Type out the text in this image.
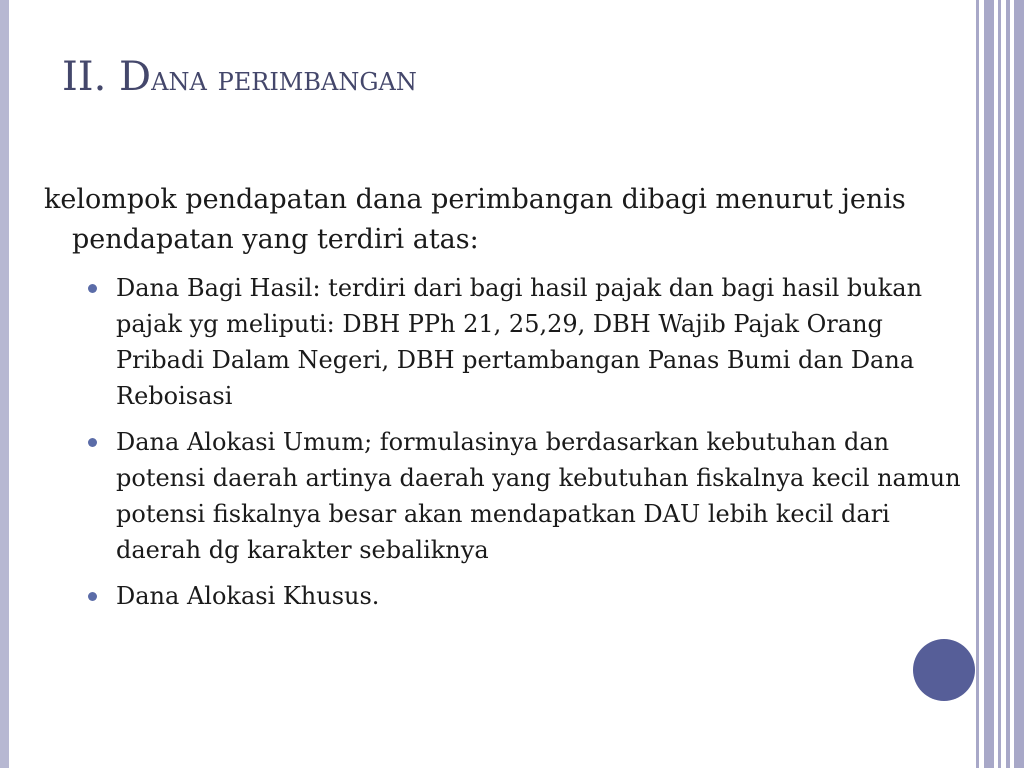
II. Dana perimbangan

kelompok pendapatan dana perimbangan dibagi menurut jenis pendapatan yang terdiri atas:

Dana Bagi Hasil: terdiri dari bagi hasil pajak dan bagi hasil bukan pajak yg meliputi: DBH PPh 21, 25,29, DBH Wajib Pajak Orang Pribadi Dalam Negeri, DBH pertambangan Panas Bumi dan Dana Reboisasi
Dana Alokasi Umum; formulasinya berdasarkan kebutuhan dan potensi daerah artinya daerah yang kebutuhan fiskalnya kecil namun potensi fiskalnya besar akan mendapatkan DAU lebih kecil dari daerah dg karakter sebaliknya
Dana Alokasi Khusus.
